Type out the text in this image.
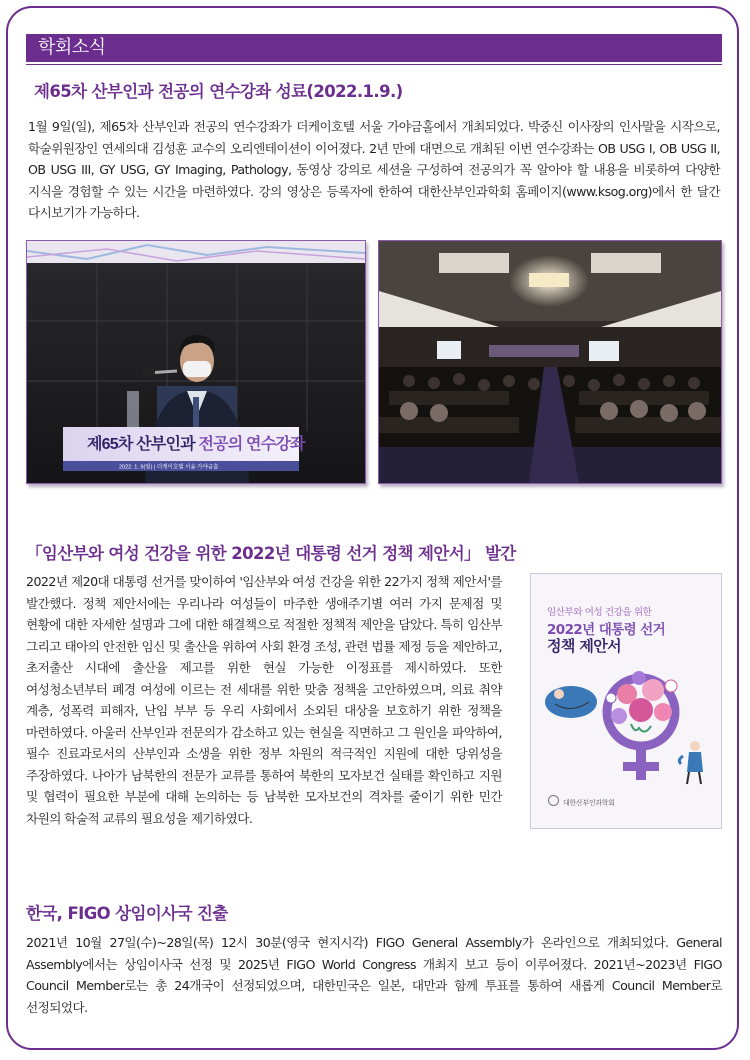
학회소식
제65차 산부인과 전공의 연수강좌 성료(2022.1.9.)

1월 9일(일), 제65차 산부인과 전공의 연수강좌가 더케이호텔 서울 가야금홀에서 개최되었다. 박중신 이사장의 인사말을 시작으로, 학술위원장인 연세의대 김성훈 교수의 오리엔테이션이 이어졌다. 2년 만에 대면으로 개최된 이번 연수강좌는 OB USG I, OB USG II, OB USG III, GY USG, GY Imaging, Pathology, 동영상 강의로 세션을 구성하여 전공의가 꼭 알아야 할 내용을 비롯하여 다양한 지식을 경험할 수 있는 시간을 마련하였다. 강의 영상은 등록자에 한하여 대한산부인과학회 홈페이지(www.ksog.org)에서 한 달간 다시보기가 가능하다.

제65차 산부인과 전공의 연수강좌
2022. 1. 9(일) | 더케이호텔 서울 가야금홀
「임산부와 여성 건강을 위한 2022년 대통령 선거 정책 제안서」 발간

2022년 제20대 대통령 선거를 맞이하여 '임산부와 여성 건강을 위한 22가지 정책 제안서'를 발간했다. 정책 제안서에는 우리나라 여성들이 마주한 생애주기별 여러 가지 문제점 및 현황에 대한 자세한 설명과 그에 대한 해결책으로 적절한 정책적 제안을 담았다. 특히 임산부 그리고 태아의 안전한 임신 및 출산을 위하여 사회 환경 조성, 관련 법률 제정 등을 제안하고, 초저출산 시대에 출산율 제고를 위한 현실 가능한 이정표를 제시하였다. 또한 여성청소년부터 폐경 여성에 이르는 전 세대를 위한 맞춤 정책을 고안하였으며, 의료 취약 계층, 성폭력 피해자, 난임 부부 등 우리 사회에서 소외된 대상을 보호하기 위한 정책을 마련하였다. 아울러 산부인과 전문의가 감소하고 있는 현실을 직면하고 그 원인을 파악하여, 필수 진료과로서의 산부인과 소생을 위한 정부 차원의 적극적인 지원에 대한 당위성을 주장하였다. 나아가 남북한의 전문가 교류를 통하여 북한의 모자보건 실태를 확인하고 지원 및 협력이 필요한 부분에 대해 논의하는 등 남북한 모자보건의 격차를 줄이기 위한 민간 차원의 학술적 교류의 필요성을 제기하였다.

임산부와 여성 건강을 위한
2022년 대통령 선거
정책 제안서
대한산부인과학회
한국, FIGO 상임이사국 진출

2021년 10월 27일(수)~28일(목) 12시 30분(영국 현지시각) FIGO General Assembly가 온라인으로 개최되었다. General Assembly에서는 상임이사국 선정 및 2025년 FIGO World Congress 개최지 보고 등이 이루어졌다. 2021년~2023년 FIGO Council Member로는 총 24개국이 선정되었으며, 대한민국은 일본, 대만과 함께 투표를 통하여 새롭게 Council Member로 선정되었다.
